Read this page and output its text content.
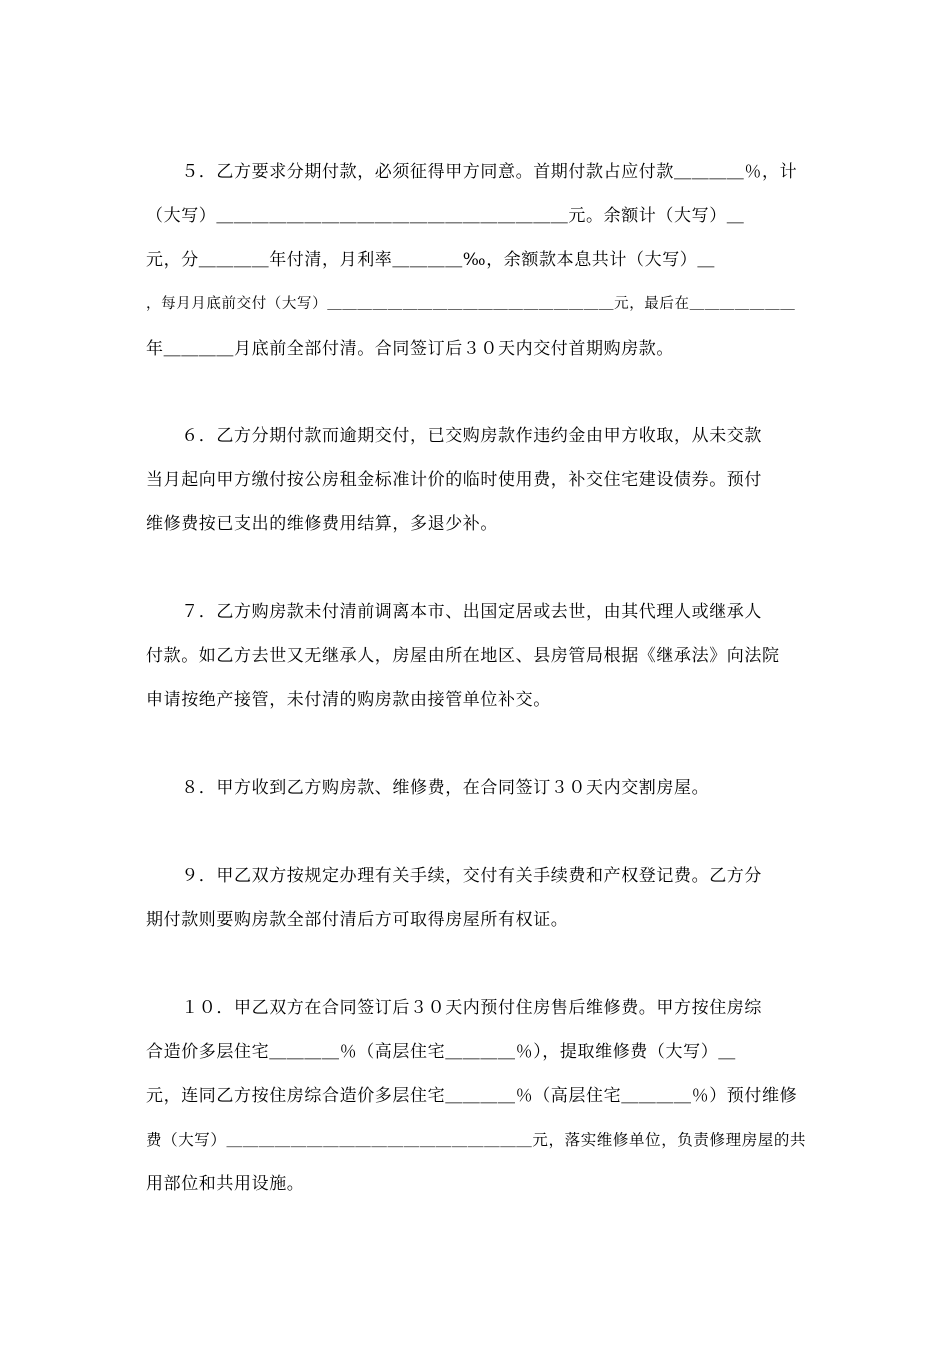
　　５．乙方要求分期付款，必须征得甲方同意。首期付款占应付款＿＿＿＿％，计
（大写）＿＿＿＿＿＿＿＿＿＿＿＿＿＿＿＿＿＿＿＿元。余额计（大写）＿
元，分＿＿＿＿年付清，月利率＿＿＿＿‰，余额款本息共计（大写）＿
，每月月底前交付（大写）＿＿＿＿＿＿＿＿＿＿＿＿＿＿＿＿＿＿＿元，最后在＿＿＿＿＿＿＿
年＿＿＿＿月底前全部付清。合同签订后３０天内交付首期购房款。
　　６．乙方分期付款而逾期交付，已交购房款作违约金由甲方收取，从未交款
当月起向甲方缴付按公房租金标准计价的临时使用费，补交住宅建设债券。预付
维修费按已支出的维修费用结算，多退少补。
　　７．乙方购房款未付清前调离本市、出国定居或去世，由其代理人或继承人
付款。如乙方去世又无继承人，房屋由所在地区、县房管局根据《继承法》向法院
申请按绝产接管，未付清的购房款由接管单位补交。
　　８．甲方收到乙方购房款、维修费，在合同签订３０天内交割房屋。
　　９．甲乙双方按规定办理有关手续，交付有关手续费和产权登记费。乙方分
期付款则要购房款全部付清后方可取得房屋所有权证。
　　１０．甲乙双方在合同签订后３０天内预付住房售后维修费。甲方按住房综
合造价多层住宅＿＿＿＿％（高层住宅＿＿＿＿％），提取维修费（大写）＿
元，连同乙方按住房综合造价多层住宅＿＿＿＿％（高层住宅＿＿＿＿％）预付维修
费（大写）＿＿＿＿＿＿＿＿＿＿＿＿＿＿＿＿＿＿＿元，落实维修单位，负责修理房屋的共
用部位和共用设施。
